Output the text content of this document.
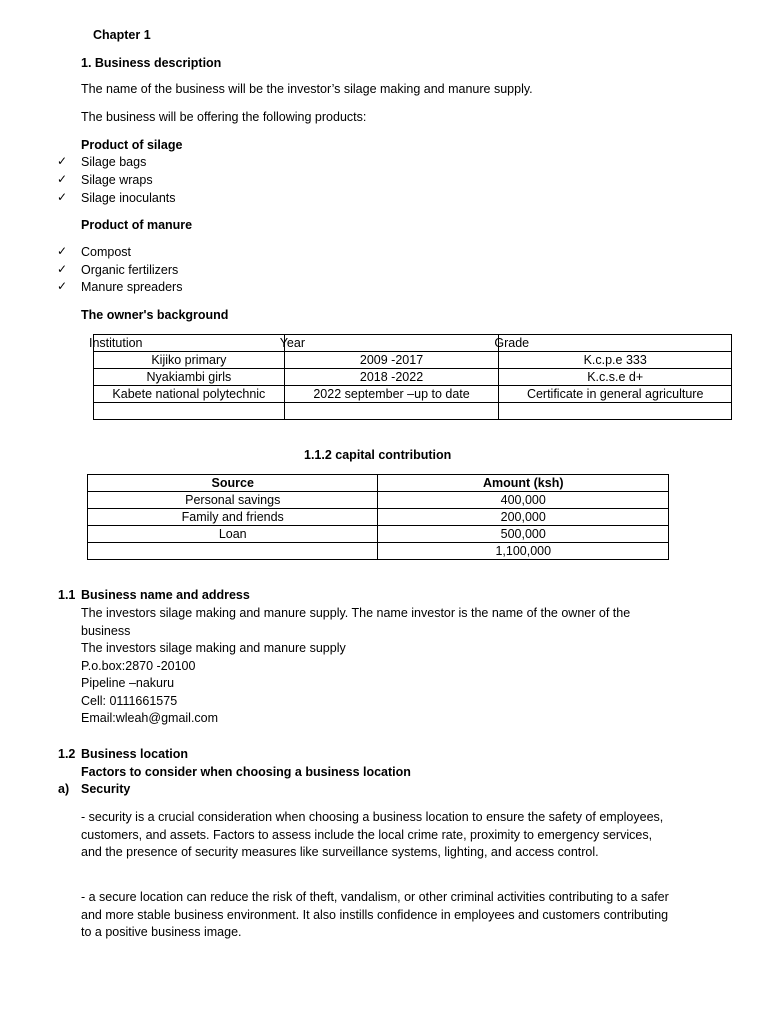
Chapter 1
1. Business description
The name of the business will be the investor’s silage making and manure supply.
The business will be offering the following products:
Product of silage
✓ Silage bags
✓ Silage wraps
✓ Silage inoculants
Product of manure
✓ Compost
✓ Organic fertilizers
✓ Manure spreaders
The owner's background
Institution	Year	Grade
Kijiko primary	2009 -2017	K.c.p.e 333
Nyakiambi girls	2018 -2022	K.c.s.e d+
Kabete national polytechnic	2022 september –up to date	Certificate in general agriculture

1.1.2 capital contribution
Source	Amount (ksh)
Personal savings	400,000
Family and friends	200,000
Loan	500,000
	1,100,000
1.1 Business name and address
The investors silage making and manure supply. The name investor is the name of the owner of the business
The investors silage making and manure supply
P.o.box:2870 -20100
Pipeline –nakuru
Cell: 0111661575
Email:wleah@gmail.com
1.2 Business location
Factors to consider when choosing a business location
a) Security
- security is a crucial consideration when choosing a business location to ensure the safety of employees, customers, and assets. Factors to assess include the local crime rate, proximity to emergency services, and the presence of security measures like surveillance systems, lighting, and access control.
- a secure location can reduce the risk of theft, vandalism, or other criminal activities contributing to a safer and more stable business environment. It also instills confidence in employees and customers contributing to a positive business image.
